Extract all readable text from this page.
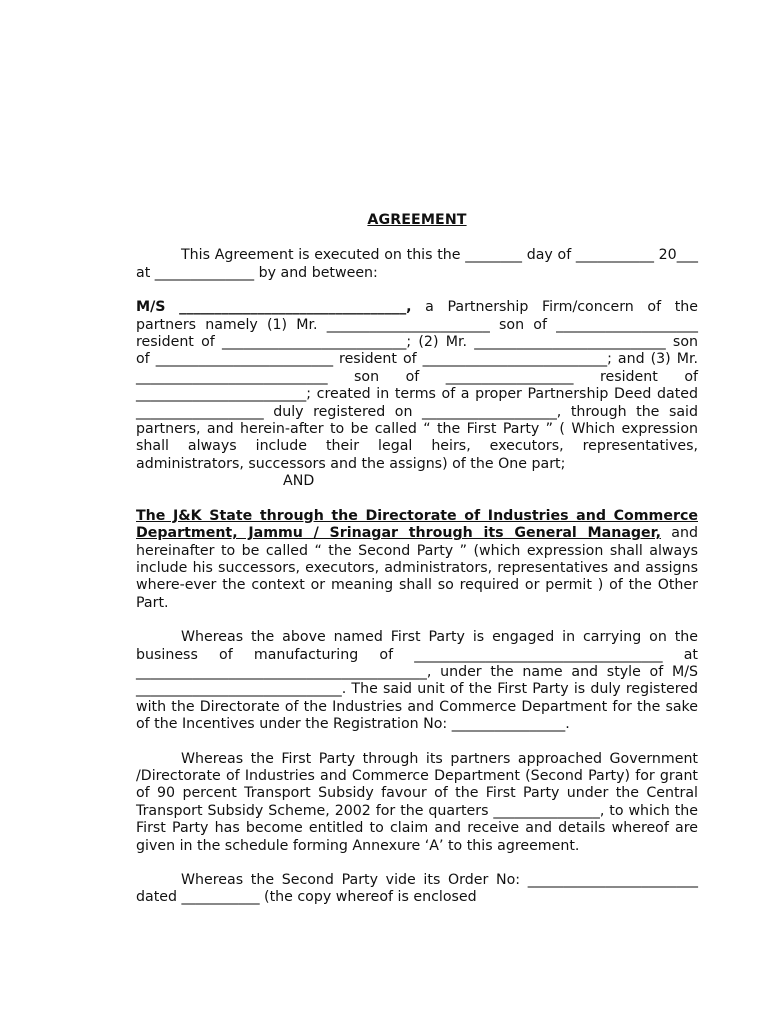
AGREEMENT

This Agreement is executed on this the ________ day of ___________ 20___ at ______________ by and between:

M/S ________________________________, a Partnership Firm/concern of the partners namely (1) Mr. _______________________ son of ____________________ resident of __________________________; (2) Mr. ___________________________ son of _________________________ resident of __________________________; and (3) Mr. ___________________________ son of __________________ resident of ________________________; created in terms of a proper Partnership Deed dated __________________ duly registered on ___________________, through the said partners, and herein-after to be called “ the First Party ” ( Which expression shall always include their legal heirs, executors, representatives, administrators, successors and the assigns) of the One part;

AND

The J&K State through the Directorate of Industries and Commerce Department, Jammu / Srinagar through its General Manager, and hereinafter to be called “ the Second Party ” (which expression shall always include his successors, executors, administrators, representatives and assigns where-ever the context or meaning shall so required or permit ) of the Other Part.

Whereas the above named First Party is engaged in carrying on the business of manufacturing of ___________________________________ at _________________________________________, under the name and style of M/S _____________________________. The said unit of the First Party is duly registered with the Directorate of the Industries and Commerce Department for the sake of the Incentives under the Registration No: ________________.

Whereas the First Party through its partners approached Government /Directorate of Industries and Commerce Department (Second Party) for grant of 90 percent Transport Subsidy favour of the First Party under the Central Transport Subsidy Scheme, 2002 for the quarters _______________, to which the First Party has become entitled to claim and receive and details whereof are given in the schedule forming Annexure ‘A’ to this agreement.

Whereas the Second Party vide its Order No: ________________________ dated ___________ (the copy whereof is enclosed
